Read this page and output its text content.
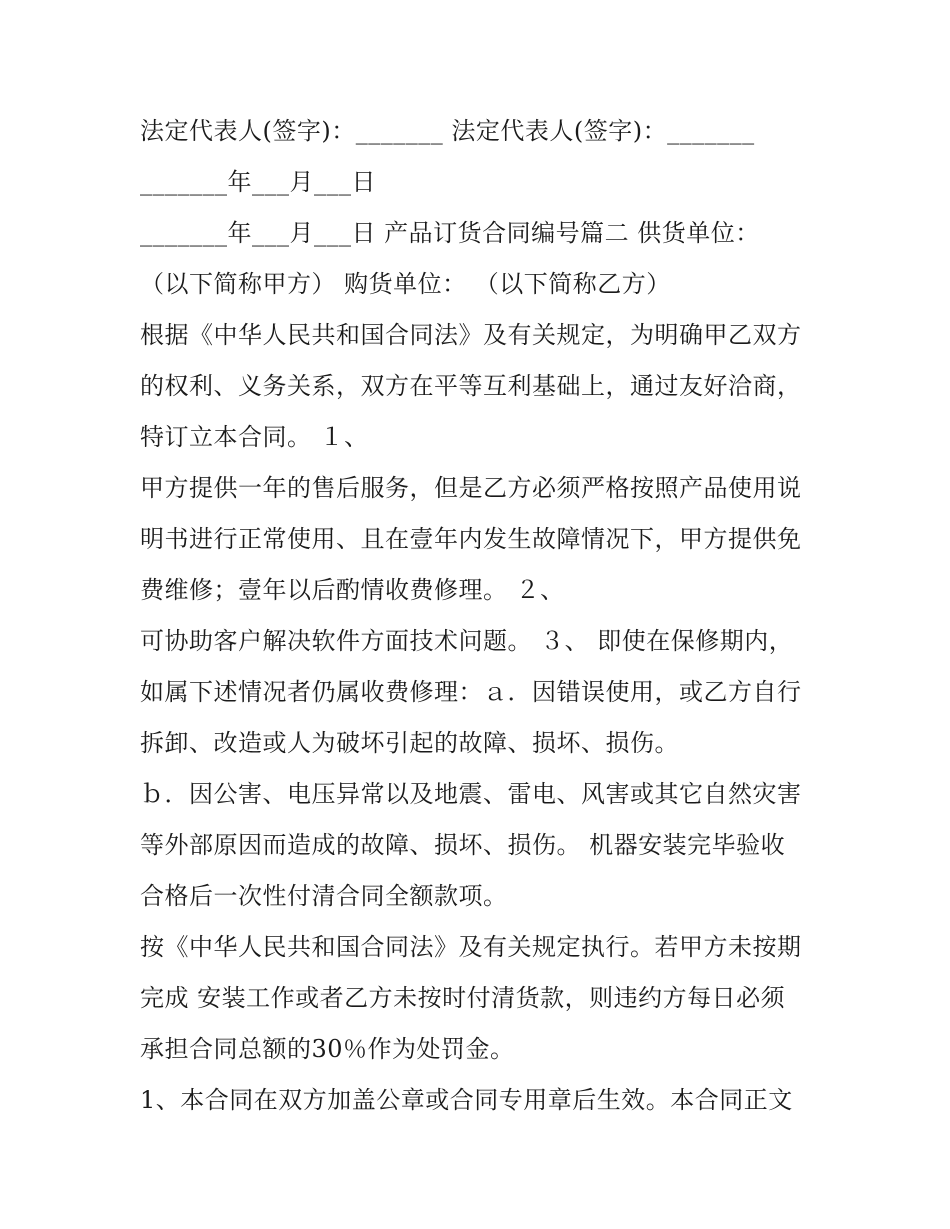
法定代表人(签字)：_______ 法定代表人(签字)：_______
_______年___月___日
_______年___月___日 产品订货合同编号篇二 供货单位：
（以下简称甲方） 购货单位： （以下简称乙方）
根据《中华人民共和国合同法》及有关规定，为明确甲乙双方
的权利、义务关系，双方在平等互利基础上，通过友好洽商，
特订立本合同。 １、
甲方提供一年的售后服务，但是乙方必须严格按照产品使用说
明书进行正常使用、且在壹年内发生故障情况下，甲方提供免
费维修；壹年以后酌情收费修理。 ２、
可协助客户解决软件方面技术问题。 ３、 即使在保修期内，
如属下述情况者仍属收费修理：ａ．因错误使用，或乙方自行
拆卸、改造或人为破坏引起的故障、损坏、损伤。
ｂ．因公害、电压异常以及地震、雷电、风害或其它自然灾害
等外部原因而造成的故障、损坏、损伤。 机器安装完毕验收
合格后一次性付清合同全额款项。
按《中华人民共和国合同法》及有关规定执行。若甲方未按期
完成 安装工作或者乙方未按时付清货款，则违约方每日必须
承担合同总额的30％作为处罚金。
1、本合同在双方加盖公章或合同专用章后生效。本合同正文
